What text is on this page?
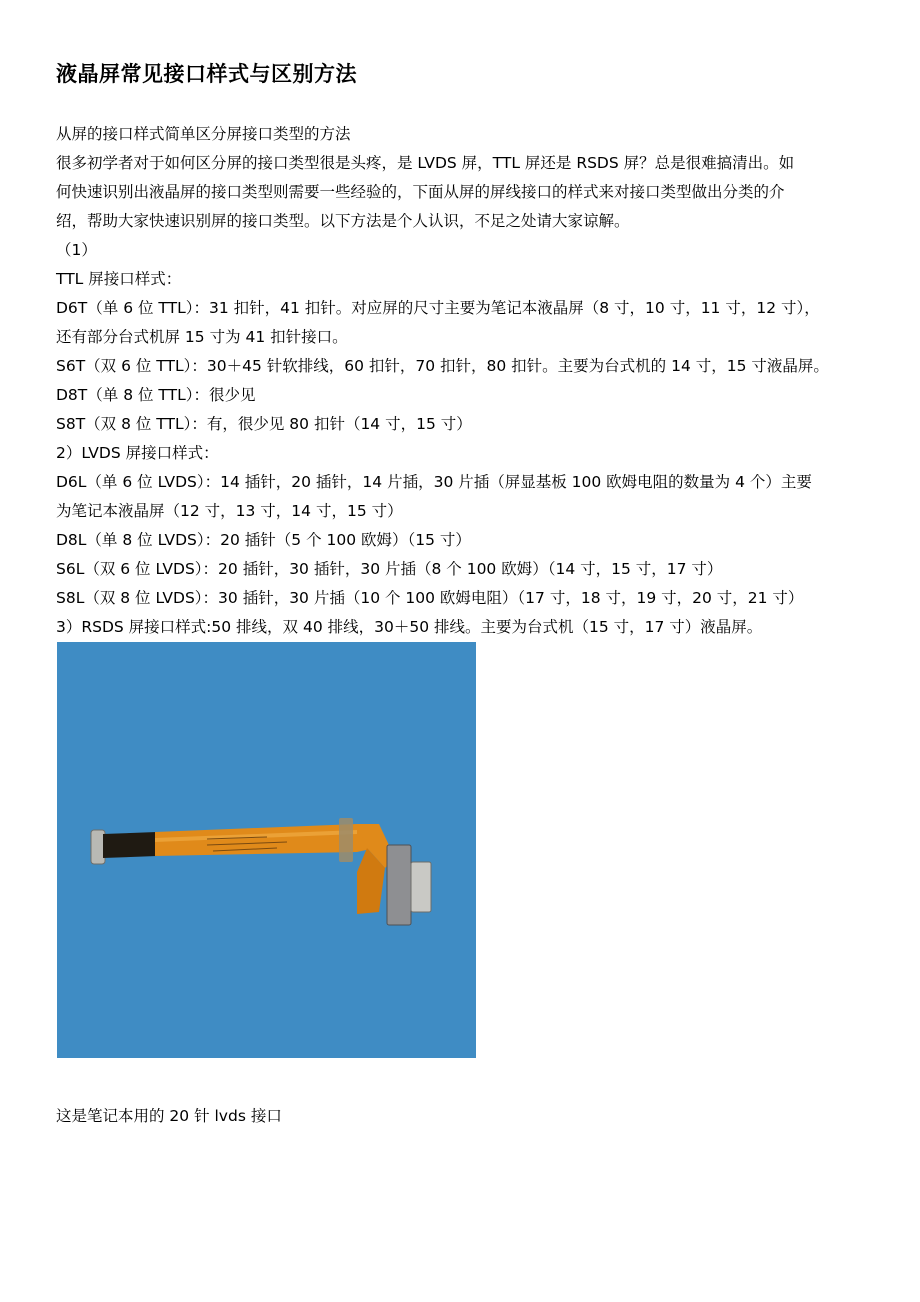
液晶屏常见接口样式与区别方法
从屏的接口样式简单区分屏接口类型的方法
很多初学者对于如何区分屏的接口类型很是头疼，是 LVDS 屏，TTL 屏还是 RSDS 屏？总是很难搞清出。如
何快速识别出液晶屏的接口类型则需要一些经验的，下面从屏的屏线接口的样式来对接口类型做出分类的介
绍，帮助大家快速识别屏的接口类型。以下方法是个人认识，不足之处请大家谅解。
（1）
TTL 屏接口样式：
D6T（单 6 位 TTL）：31 扣针，41 扣针。对应屏的尺寸主要为笔记本液晶屏（8 寸，10 寸，11 寸，12 寸），
还有部分台式机屏 15 寸为 41 扣针接口。
S6T（双 6 位 TTL）：30＋45 针软排线，60 扣针，70 扣针，80 扣针。主要为台式机的 14 寸，15 寸液晶屏。
D8T（单 8 位 TTL）：很少见
S8T（双 8 位 TTL）：有，很少见 80 扣针（14 寸，15 寸）
2）LVDS 屏接口样式：
D6L（单 6 位 LVDS）：14 插针，20 插针，14 片插，30 片插（屏显基板 100 欧姆电阻的数量为 4 个）主要
为笔记本液晶屏（12 寸，13 寸，14 寸，15 寸）
D8L（单 8 位 LVDS）：20 插针（5 个 100 欧姆）（15 寸）
S6L（双 6 位 LVDS）：20 插针，30 插针，30 片插（8 个 100 欧姆）（14 寸，15 寸，17 寸）
S8L（双 8 位 LVDS）：30 插针，30 片插（10 个 100 欧姆电阻）（17 寸，18 寸，19 寸，20 寸，21 寸）
3）RSDS 屏接口样式:50 排线，双 40 排线，30＋50 排线。主要为台式机（15 寸，17 寸）液晶屏。
这是笔记本用的 20 针 lvds 接口
